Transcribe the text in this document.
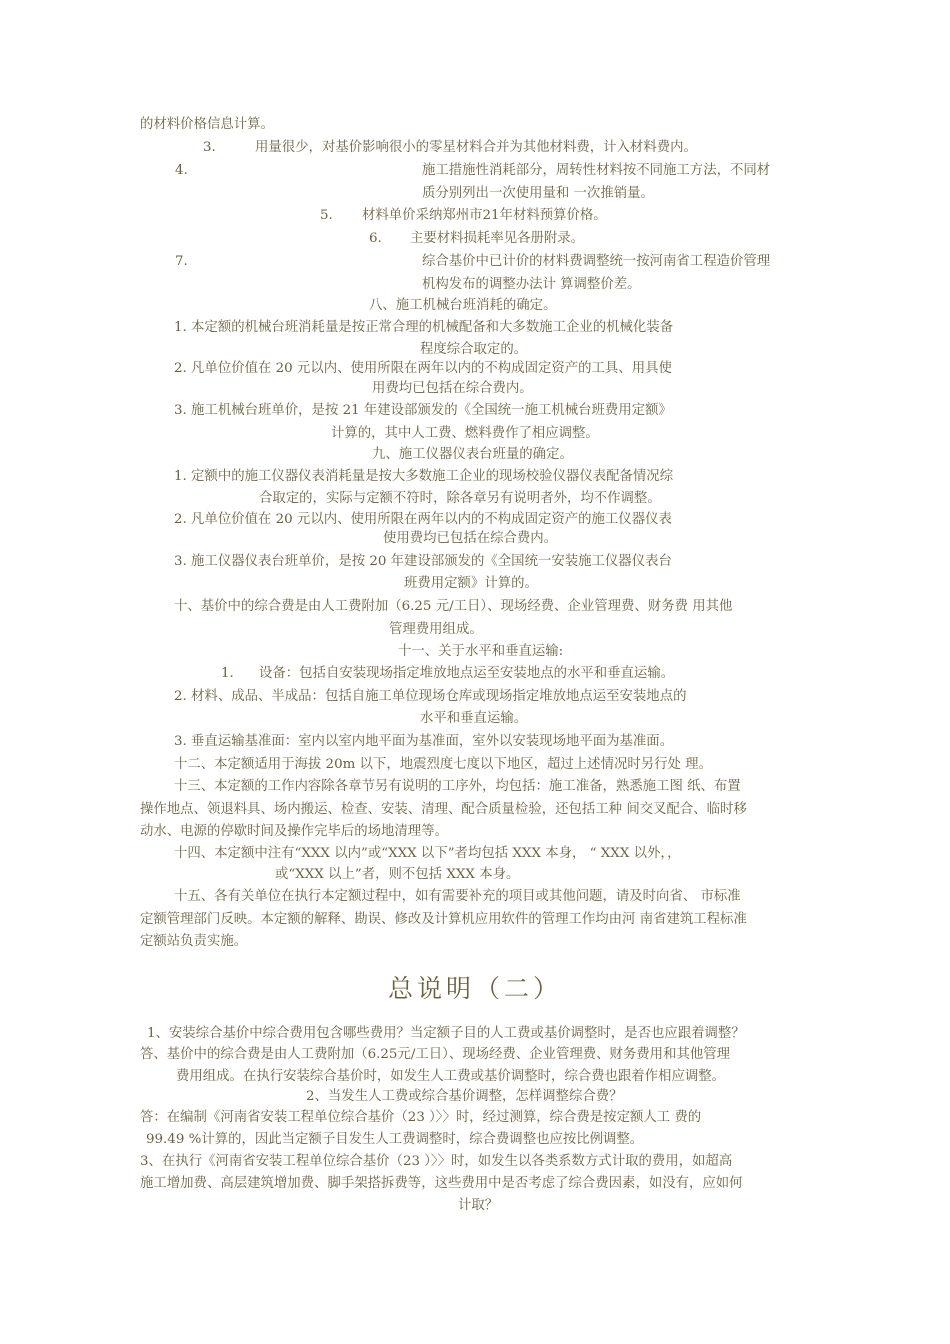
的材料价格信息计算。
3.	用量很少，对基价影响很小的零星材料合并为其他材料费，计入材料费内。
4.	施工措施性消耗部分，周转性材料按不同施工方法，不同材
质分别列出一次使用量和 一次推销量。
5. 材料单价采纳郑州市21年材料预算价格。
6. 主要材料损耗率见各册附录。
7.	综合基价中已计价的材料费调整统一按河南省工程造价管理
机构发布的调整办法计 算调整价差。
八、施工机械台班消耗的确定。
1. 本定额的机械台班消耗量是按正常合理的机械配备和大多数施工企业的机械化装备
程度综合取定的。
2. 凡单位价值在 20 元以内、使用所限在两年以内的不构成固定资产的工具、用具使
用费均已包括在综合费内。
3. 施工机械台班单价，是按 21 年建设部颁发的《全国统一施工机械台班费用定额》
计算的，其中人工费、燃料费作了相应调整。
九、施工仪器仪表台班量的确定。
1. 定额中的施工仪器仪表消耗量是按大多数施工企业的现场校验仪器仪表配备情况综
合取定的，实际与定额不符时，除各章另有说明者外，均不作调整。
2. 凡单位价值在 20 元以内、使用所限在两年以内的不构成固定资产的施工仪器仪表
使用费均已包括在综合费内。
3. 施工仪器仪表台班单价，是按 20 年建设部颁发的《全国统一安装施工仪器仪表台
班费用定额》计算的。
十、基价中的综合费是由人工费附加（6.25 元/工日）、现场经费、企业管理费、财务费 用其他
管理费用组成。
十一、关于水平和垂直运输:
1. 设备：包括自安装现场指定堆放地点运至安装地点的水平和垂直运输。
2. 材料、成品、半成品：包括自施工单位现场仓库或现场指定堆放地点运至安装地点的
水平和垂直运输。
3. 垂直运输基准面：室内以室内地平面为基准面，室外以安装现场地平面为基准面。
十二、本定额适用于海拔 20m 以下，地震烈度七度以下地区，超过上述情况时另行处 理。
十三、本定额的工作内容除各章节另有说明的工序外，均包括：施工准备，熟悉施工图 纸、布置
操作地点、领退料具、场内搬运、检查、安装、清理、配合质量检验，还包括工种 间交叉配合、临时移
动水、电源的停歇时间及操作完毕后的场地清理等。
十四、本定额中注有“XXX 以内”或“XXX 以下”者均包括 XXX 本身， “ XXX 以外，，
或“XXX 以上”者，则不包括 XXX 本身。
十五、各有关单位在执行本定额过程中，如有需要补充的项目或其他问题，请及时向省、 市标准
定额管理部门反映。本定额的解释、勘误、修改及计算机应用软件的管理工作均由河 南省建筑工程标准
定额站负责实施。
总说明（二）
1、安装综合基价中综合费用包含哪些费用？当定额子目的人工费或基价调整时，是否也应跟着调整？
答、基价中的综合费是由人工费附加（6.25元/工日）、现场经费、企业管理费、财务费用和其他管理
费用组成。在执行安装综合基价时，如发生人工费或基价调整时，综合费也跟着作相应调整。
2、当发生人工费或综合基价调整，怎样调整综合费？
答：在编制《河南省安装工程单位综合基价（23 ）〉〉时，经过测算，综合费是按定额人工 费的
99.49 %计算的，因此当定额子目发生人工费调整时，综合费调整也应按比例调整。
3、在执行《河南省安装工程单位综合基价（23 ）〉〉时，如发生以各类系数方式计取的费用，如超高
施工增加费、高层建筑增加费、脚手架搭拆费等，这些费用中是否考虑了综合费因素，如没有，应如何
计取？
